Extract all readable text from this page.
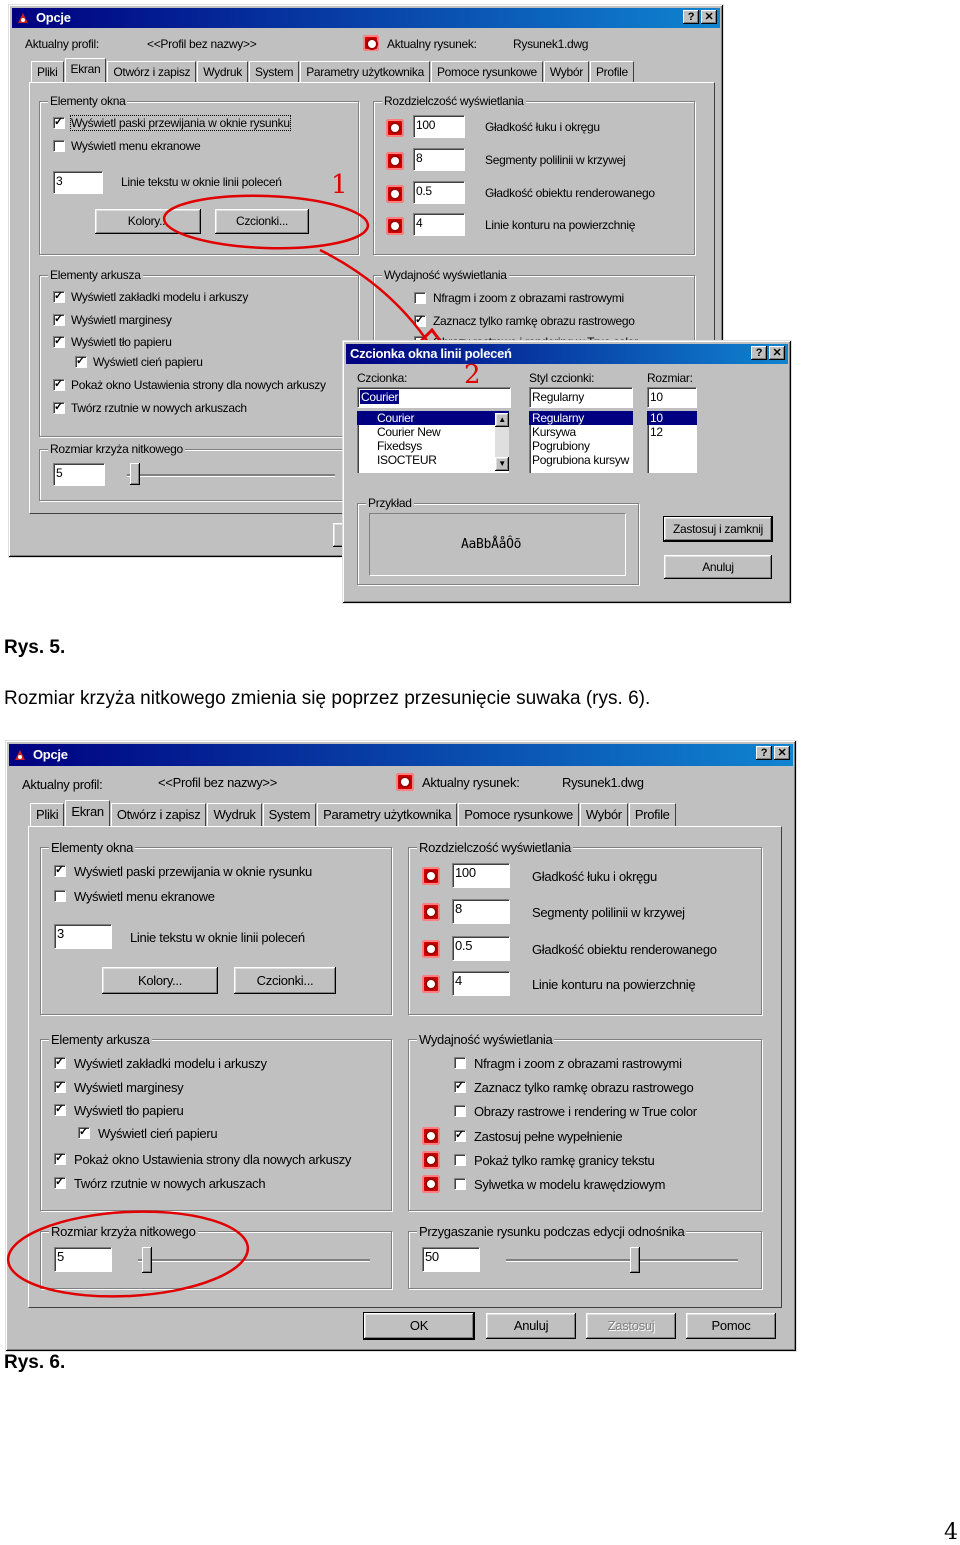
Opcje	? ✕
Aktualny profil:	<<Profil bez nazwy>>	Aktualny rysunek:	Rysunek1.dwg
Pliki	Ekran	Otwórz i zapisz	Wydruk	System	Parametry użytkownika	Pomoce rysunkowe	Wybór	Profile
Elementy okna
✓ Wyświetl paski przewijania w oknie rysunku
Wyświetl menu ekranowe
3	Linie tekstu w oknie linii poleceń
Kolory...	Czcionki...
Rozdzielczość wyświetlania
100	Gładkość łuku i okręgu
8	Segmenty polilinii w krzywej
0.5	Gładkość obiektu renderowanego
4	Linie konturu na powierzchnię
Elementy arkusza
✓ Wyświetl zakładki modelu i arkuszy
✓ Wyświetl marginesy
✓ Wyświetl tło papieru
✓ Wyświetl cień papieru
✓ Pokaż okno Ustawienia strony dla nowych arkuszy
✓ Twórz rzutnie w nowych arkuszach
Wydajność wyświetlania
Nfragm i zoom z obrazami rastrowymi
✓ Zaznacz tylko ramkę obrazu rastrowego
Rozmiar krzyża nitkowego
5
1
Czcionka okna linii poleceń	? ✕
Czcionka:
Courier
Courier
Courier New
Fixedsys
ISOCTEUR
▲
▼
Styl czcionki:
Regularny
Regularny
Kursywa
Pogrubiony
Pogrubiona kursyw
Rozmiar:
10
10
12
Przykład
AaBbÅåÔõ
Zastosuj i zamknij
Anuluj
2
Rys. 5.
Rozmiar krzyża nitkowego zmienia się poprzez przesunięcie suwaka (rys. 6).
Opcje	? ✕
Aktualny profil:	<<Profil bez nazwy>>	Aktualny rysunek:	Rysunek1.dwg
Pliki	Ekran	Otwórz i zapisz	Wydruk	System	Parametry użytkownika	Pomoce rysunkowe	Wybór	Profile
Elementy okna
✓ Wyświetl paski przewijania w oknie rysunku
Wyświetl menu ekranowe
3	Linie tekstu w oknie linii poleceń
Kolory...	Czcionki...
Rozdzielczość wyświetlania
100	Gładkość łuku i okręgu
8	Segmenty polilinii w krzywej
0.5	Gładkość obiektu renderowanego
4	Linie konturu na powierzchnię
Elementy arkusza
✓ Wyświetl zakładki modelu i arkuszy
✓ Wyświetl marginesy
✓ Wyświetl tło papieru
✓ Wyświetl cień papieru
✓ Pokaż okno Ustawienia strony dla nowych arkuszy
✓ Twórz rzutnie w nowych arkuszach
Wydajność wyświetlania
Nfragm i zoom z obrazami rastrowymi
✓ Zaznacz tylko ramkę obrazu rastrowego
Obrazy rastrowe i rendering w True color
✓ Zastosuj pełne wypełnienie
Pokaż tylko ramkę granicy tekstu
Sylwetka w modelu krawędziowym
Rozmiar krzyża nitkowego
5
Przygaszanie rysunku podczas edycji odnośnika
50
OK	Anuluj	Zastosuj	Pomoc
Rys. 6.
4
